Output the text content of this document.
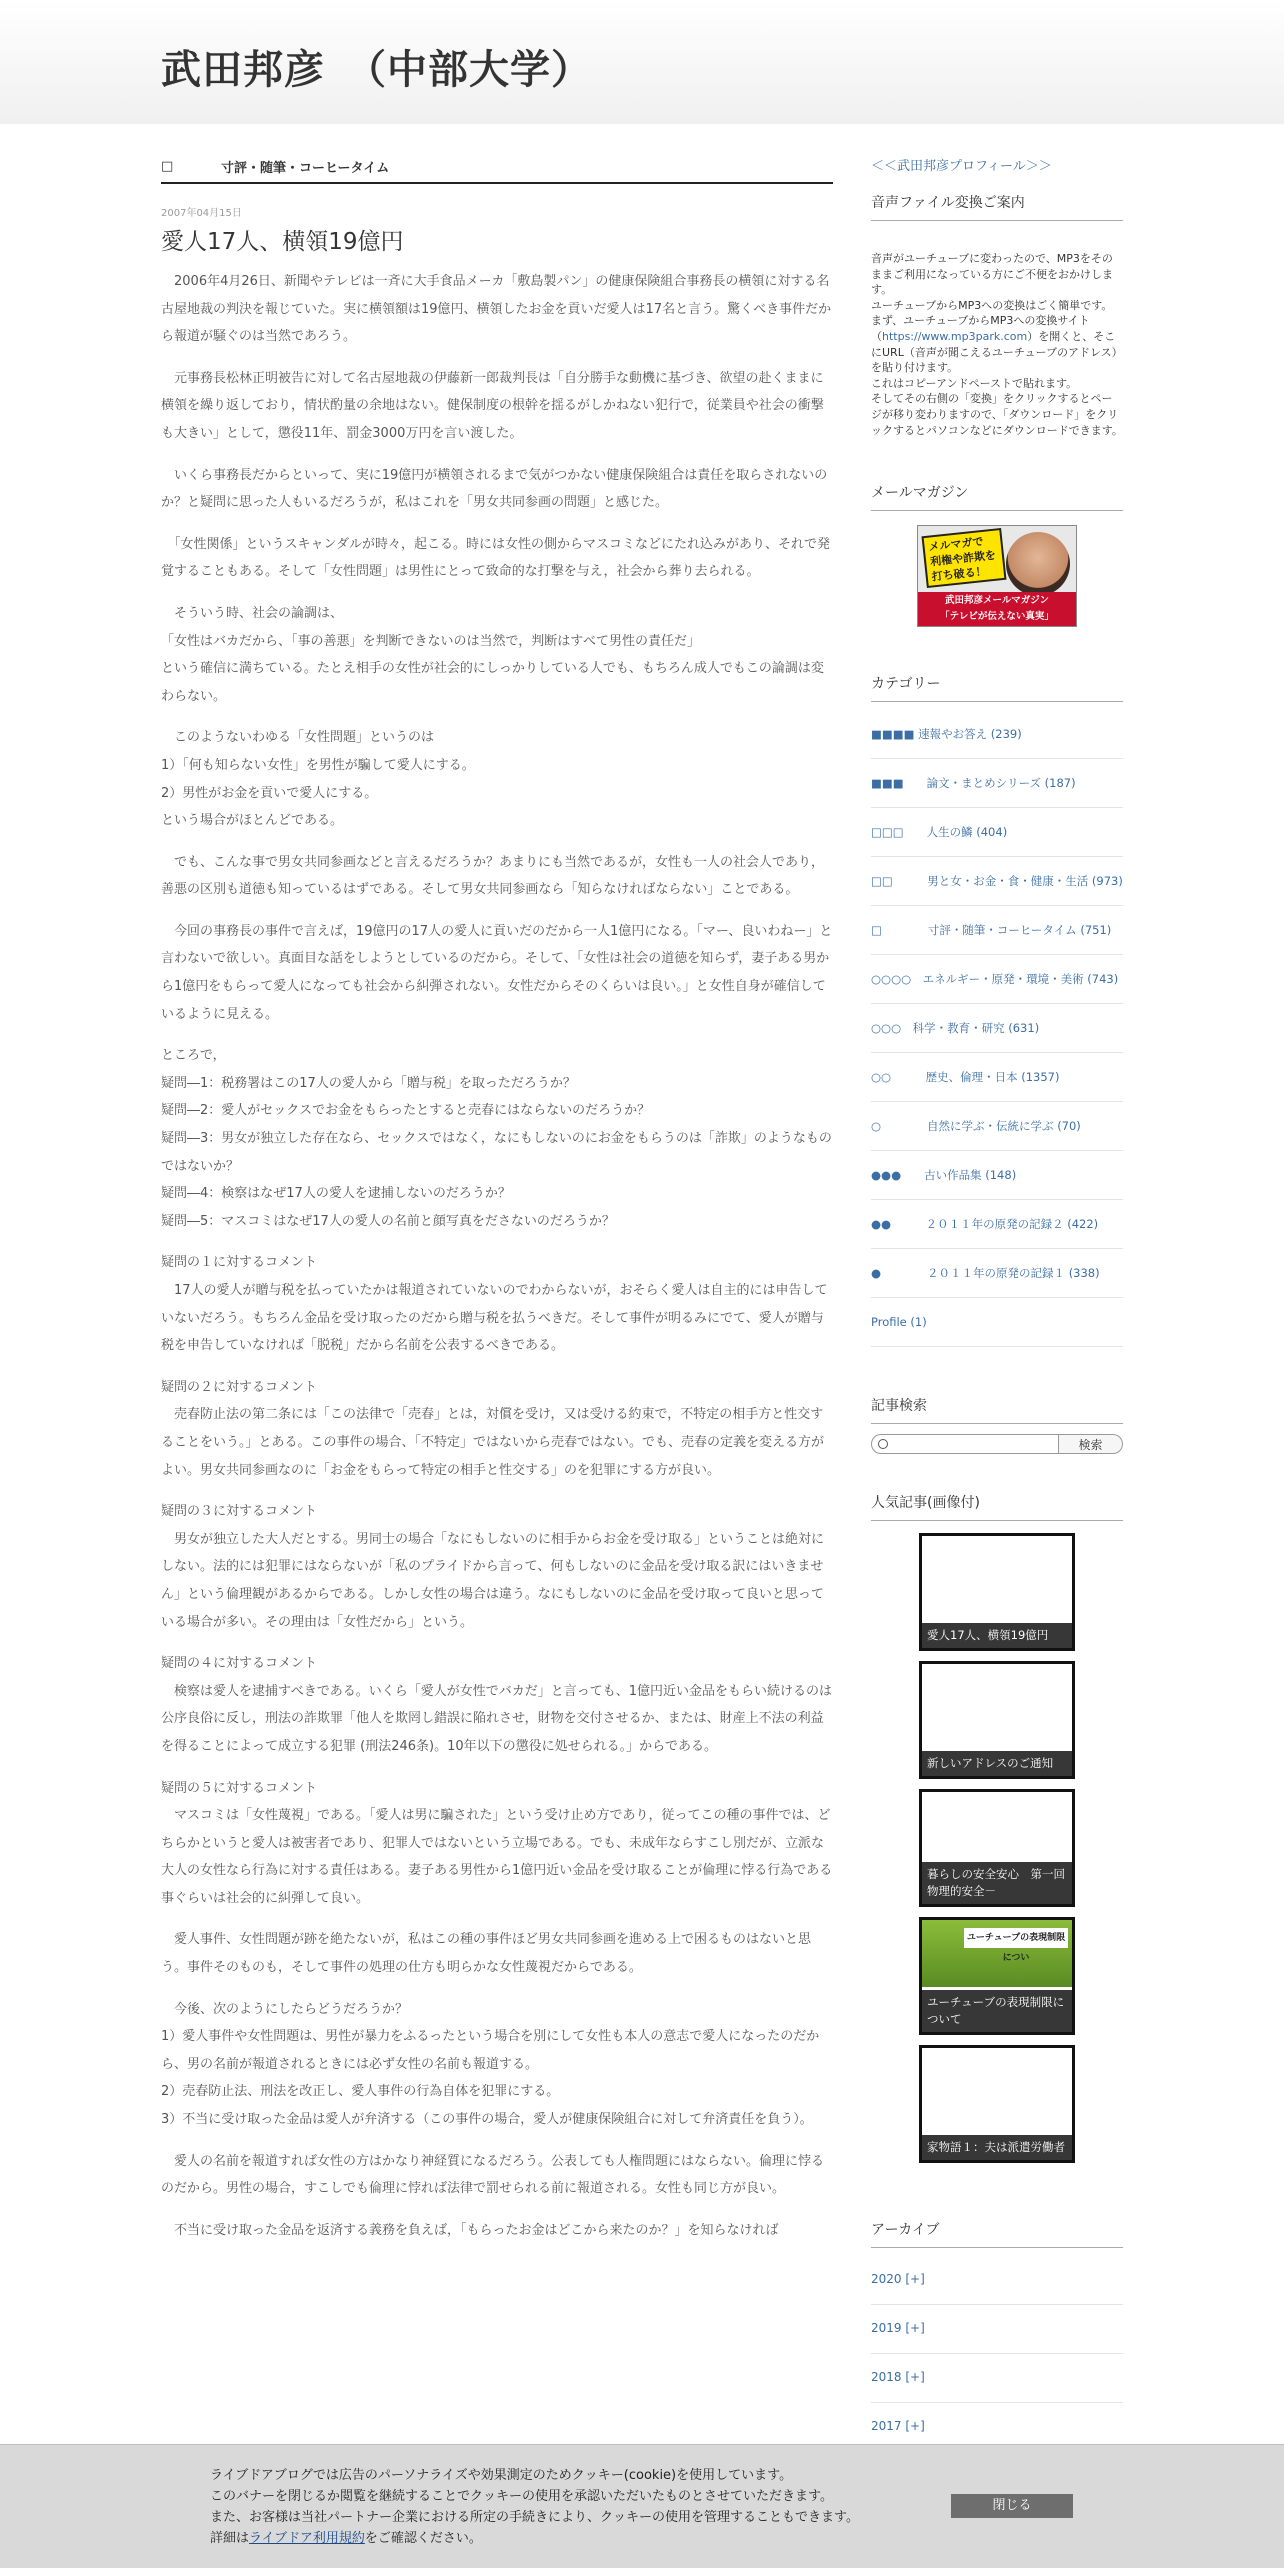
武田邦彦　（中部大学）
□	寸評・随筆・コーヒータイム
2007年04月15日
愛人17人、横領19億円

　2006年4月26日、新聞やテレビは一斉に大手食品メーカ「敷島製パン」の健康保険組合事務長の横領に対する名古屋地裁の判決を報じていた。実に横領額は19億円、横領したお金を貢いだ愛人は17名と言う。驚くべき事件だから報道が騒ぐのは当然であろう。

　元事務長松林正明被告に対して名古屋地裁の伊藤新一郎裁判長は「自分勝手な動機に基づき、欲望の赴くままに横領を繰り返しており，情状酌量の余地はない。健保制度の根幹を揺るがしかねない犯行で，従業員や社会の衝撃も大きい」として，懲役11年、罰金3000万円を言い渡した。

　いくら事務長だからといって、実に19億円が横領されるまで気がつかない健康保険組合は責任を取らされないのか？と疑問に思った人もいるだろうが，私はこれを「男女共同参画の問題」と感じた。

　「女性関係」というスキャンダルが時々，起こる。時には女性の側からマスコミなどにたれ込みがあり、それで発覚することもある。そして「女性問題」は男性にとって致命的な打撃を与え，社会から葬り去られる。

　そういう時、社会の論調は、
「女性はバカだから、「事の善悪」を判断できないのは当然で，判断はすべて男性の責任だ」
という確信に満ちている。たとえ相手の女性が社会的にしっかりしている人でも、もちろん成人でもこの論調は変わらない。

　このようないわゆる「女性問題」というのは
1）「何も知らない女性」を男性が騙して愛人にする。
2）男性がお金を貢いで愛人にする。
という場合がほとんどである。

　でも、こんな事で男女共同参画などと言えるだろうか？あまりにも当然であるが，女性も一人の社会人であり，善悪の区別も道徳も知っているはずである。そして男女共同参画なら「知らなければならない」ことである。

　今回の事務長の事件で言えば，19億円の17人の愛人に貢いだのだから一人1億円になる。「マー、良いわねー」と言わないで欲しい。真面目な話をしようとしているのだから。そして、「女性は社会の道徳を知らず，妻子ある男から1億円をもらって愛人になっても社会から糾弾されない。女性だからそのくらいは良い。」と女性自身が確信しているように見える。

ところで，
疑問―1：税務署はこの17人の愛人から「贈与税」を取っただろうか？
疑問―2：愛人がセックスでお金をもらったとすると売春にはならないのだろうか？
疑問―3：男女が独立した存在なら、セックスではなく，なにもしないのにお金をもらうのは「詐欺」のようなものではないか？
疑問―4：検察はなぜ17人の愛人を逮捕しないのだろうか？
疑問―5：マスコミはなぜ17人の愛人の名前と顔写真をださないのだろうか？

疑問の１に対するコメント
　17人の愛人が贈与税を払っていたかは報道されていないのでわからないが，おそらく愛人は自主的には申告していないだろう。もちろん金品を受け取ったのだから贈与税を払うべきだ。そして事件が明るみにでて、愛人が贈与税を申告していなければ「脱税」だから名前を公表するべきである。

疑問の２に対するコメント
　売春防止法の第二条には「この法律で「売春」とは，対償を受け，又は受ける約束で，不特定の相手方と性交することをいう。」とある。この事件の場合、「不特定」ではないから売春ではない。でも、売春の定義を変える方がよい。男女共同参画なのに「お金をもらって特定の相手と性交する」のを犯罪にする方が良い。

疑問の３に対するコメント
　男女が独立した大人だとする。男同士の場合「なにもしないのに相手からお金を受け取る」ということは絶対にしない。法的には犯罪にはならないが「私のプライドから言って、何もしないのに金品を受け取る訳にはいきません」という倫理観があるからである。しかし女性の場合は違う。なにもしないのに金品を受け取って良いと思っている場合が多い。その理由は「女性だから」という。

疑問の４に対するコメント
　検察は愛人を逮捕すべきである。いくら「愛人が女性でバカだ」と言っても、1億円近い金品をもらい続けるのは公序良俗に反し，刑法の詐欺罪「他人を欺罔し錯誤に陥れさせ，財物を交付させるか、または、財産上不法の利益を得ることによって成立する犯罪 (刑法246条)。10年以下の懲役に処せられる。」からである。

疑問の５に対するコメント
　マスコミは「女性蔑視」である。「愛人は男に騙された」という受け止め方であり，従ってこの種の事件では、どちらかというと愛人は被害者であり、犯罪人ではないという立場である。でも、未成年ならすこし別だが、立派な大人の女性なら行為に対する責任はある。妻子ある男性から1億円近い金品を受け取ることが倫理に悖る行為である事ぐらいは社会的に糾弾して良い。

　愛人事件、女性問題が跡を絶たないが，私はこの種の事件ほど男女共同参画を進める上で困るものはないと思う。事件そのものも，そして事件の処理の仕方も明らかな女性蔑視だからである。

　今後、次のようにしたらどうだろうか？
1）愛人事件や女性問題は、男性が暴力をふるったという場合を別にして女性も本人の意志で愛人になったのだから、男の名前が報道されるときには必ず女性の名前も報道する。
2）売春防止法、刑法を改正し、愛人事件の行為自体を犯罪にする。
3）不当に受け取った金品は愛人が弁済する（この事件の場合，愛人が健康保険組合に対して弁済責任を負う）。

　愛人の名前を報道すれば女性の方はかなり神経質になるだろう。公表しても人権問題にはならない。倫理に悖るのだから。男性の場合，すこしでも倫理に悖れば法律で罰せられる前に報道される。女性も同じ方が良い。

　不当に受け取った金品を返済する義務を負えば，「もらったお金はどこから来たのか？」を知らなければ

＜＜武田邦彦プロフィール＞＞
音声ファイル変換ご案内
音声がユーチューブに変わったので、MP3をそのままご利用になっている方にご不便をおかけします。
ユーチューブからMP3への変換はごく簡単です。まず、ユーチューブからMP3への変換サイト（https://www.mp3park.com）を開くと、そこにURL（音声が聞こえるユーチューブのアドレス）を貼り付けます。
これはコピーアンドペーストで貼れます。
そしてその右側の「変換」をクリックするとページが移り変わりますので、「ダウンロード」をクリックするとパソコンなどにダウンロードできます。
メールマガジン
メルマガで
利権や詐欺を
打ち破る！
武田邦彦メールマガジン
「テレビが伝えない真実」
カテゴリー
■■■■ 速報やお答え (239)
■■■　　論文・まとめシリーズ (187)
□□□　　人生の鱗 (404)
□□　　　男と女・お金・食・健康・生活 (973)
□　　　　寸評・随筆・コーヒータイム (751)
○○○○　エネルギー・原発・環境・美術 (743)
○○○　科学・教育・研究 (631)
○○　　　歴史、倫理・日本 (1357)
○　　　　自然に学ぶ・伝統に学ぶ (70)
●●●　　古い作品集 (148)
●●　　　２０１１年の原発の記録２ (422)
●　　　　２０１１年の原発の記録１ (338)
Profile (1)
記事検索
検索
人気記事(画像付)
愛人17人、横領19億円
新しいアドレスのご通知
暮らしの安全安心　第一回　物理的安全－
ユーチューブの表現制限につい
ユーチューブの表現制限について
家物語１：夫は派遣労働者
アーカイブ
2020 [+]
2019 [+]
2018 [+]
2017 [+]
ライブドアブログでは広告のパーソナライズや効果測定のためクッキー(cookie)を使用しています。
このバナーを閉じるか閲覧を継続することでクッキーの使用を承認いただいたものとさせていただきます。
また、お客様は当社パートナー企業における所定の手続きにより、クッキーの使用を管理することもできます。
詳細はライブドア利用規約をご確認ください。
閉じる
